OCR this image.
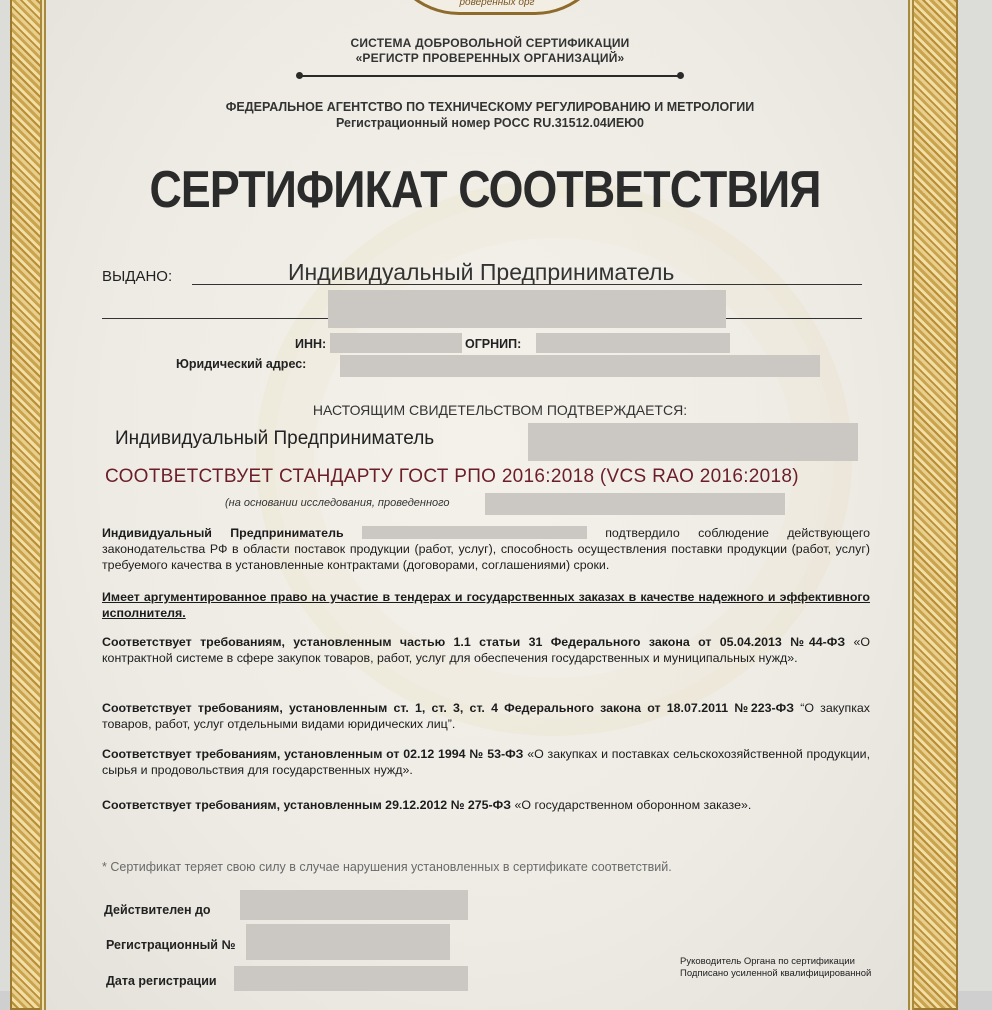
роверенных орг
СИСТЕМА ДОБРОВОЛЬНОЙ СЕРТИФИКАЦИИ
«РЕГИСТР ПРОВЕРЕННЫХ ОРГАНИЗАЦИЙ»
ФЕДЕРАЛЬНОЕ АГЕНТСТВО ПО ТЕХНИЧЕСКОМУ РЕГУЛИРОВАНИЮ И МЕТРОЛОГИИ
Регистрационный номер РОСС RU.31512.04ИЕЮ0
СЕРТИФИКАТ СООТВЕТСТВИЯ
ВЫДАНО:	Индивидуальный Предприниматель
ИНН:	ОГРНИП:
Юридический адрес:
НАСТОЯЩИМ СВИДЕТЕЛЬСТВОМ ПОДТВЕРЖДАЕТСЯ:
Индивидуальный Предприниматель
СООТВЕТСТВУЕТ СТАНДАРТУ ГОСТ РПО 2016:2018 (VCS RAO 2016:2018)
(на основании исследования, проведенного
Индивидуальный Предприниматель	подтвердило соблюдение действующего законодательства РФ в области поставок продукции (работ, услуг), способность осуществления поставки продукции (работ, услуг) требуемого качества в установленные контрактами (договорами, соглашениями) сроки.
Имеет аргументированное право на участие в тендерах и государственных заказах в качестве надежного и эффективного исполнителя.
Соответствует требованиям, установленным частью 1.1 статьи 31 Федерального закона от 05.04.2013 №44-ФЗ «О контрактной системе в сфере закупок товаров, работ, услуг для обеспечения государственных и муниципальных нужд».
Соответствует требованиям, установленным ст. 1, ст. 3, ст. 4 Федерального закона от 18.07.2011 №223-ФЗ “О закупках товаров, работ, услуг отдельными видами юридических лиц”.
Соответствует требованиям, установленным от 02.12 1994 № 53-ФЗ «О закупках и поставках сельскохозяйственной продукции, сырья и продовольствия для государственных нужд».
Соответствует требованиям, установленным 29.12.2012 № 275-ФЗ «О государственном оборонном заказе».
* Сертификат теряет свою силу в случае нарушения установленных в сертификате соответствий.
Действителен до
Регистрационный №
Дата регистрации
Руководитель Органа по сертификации
Подписано усиленной квалифицированной
